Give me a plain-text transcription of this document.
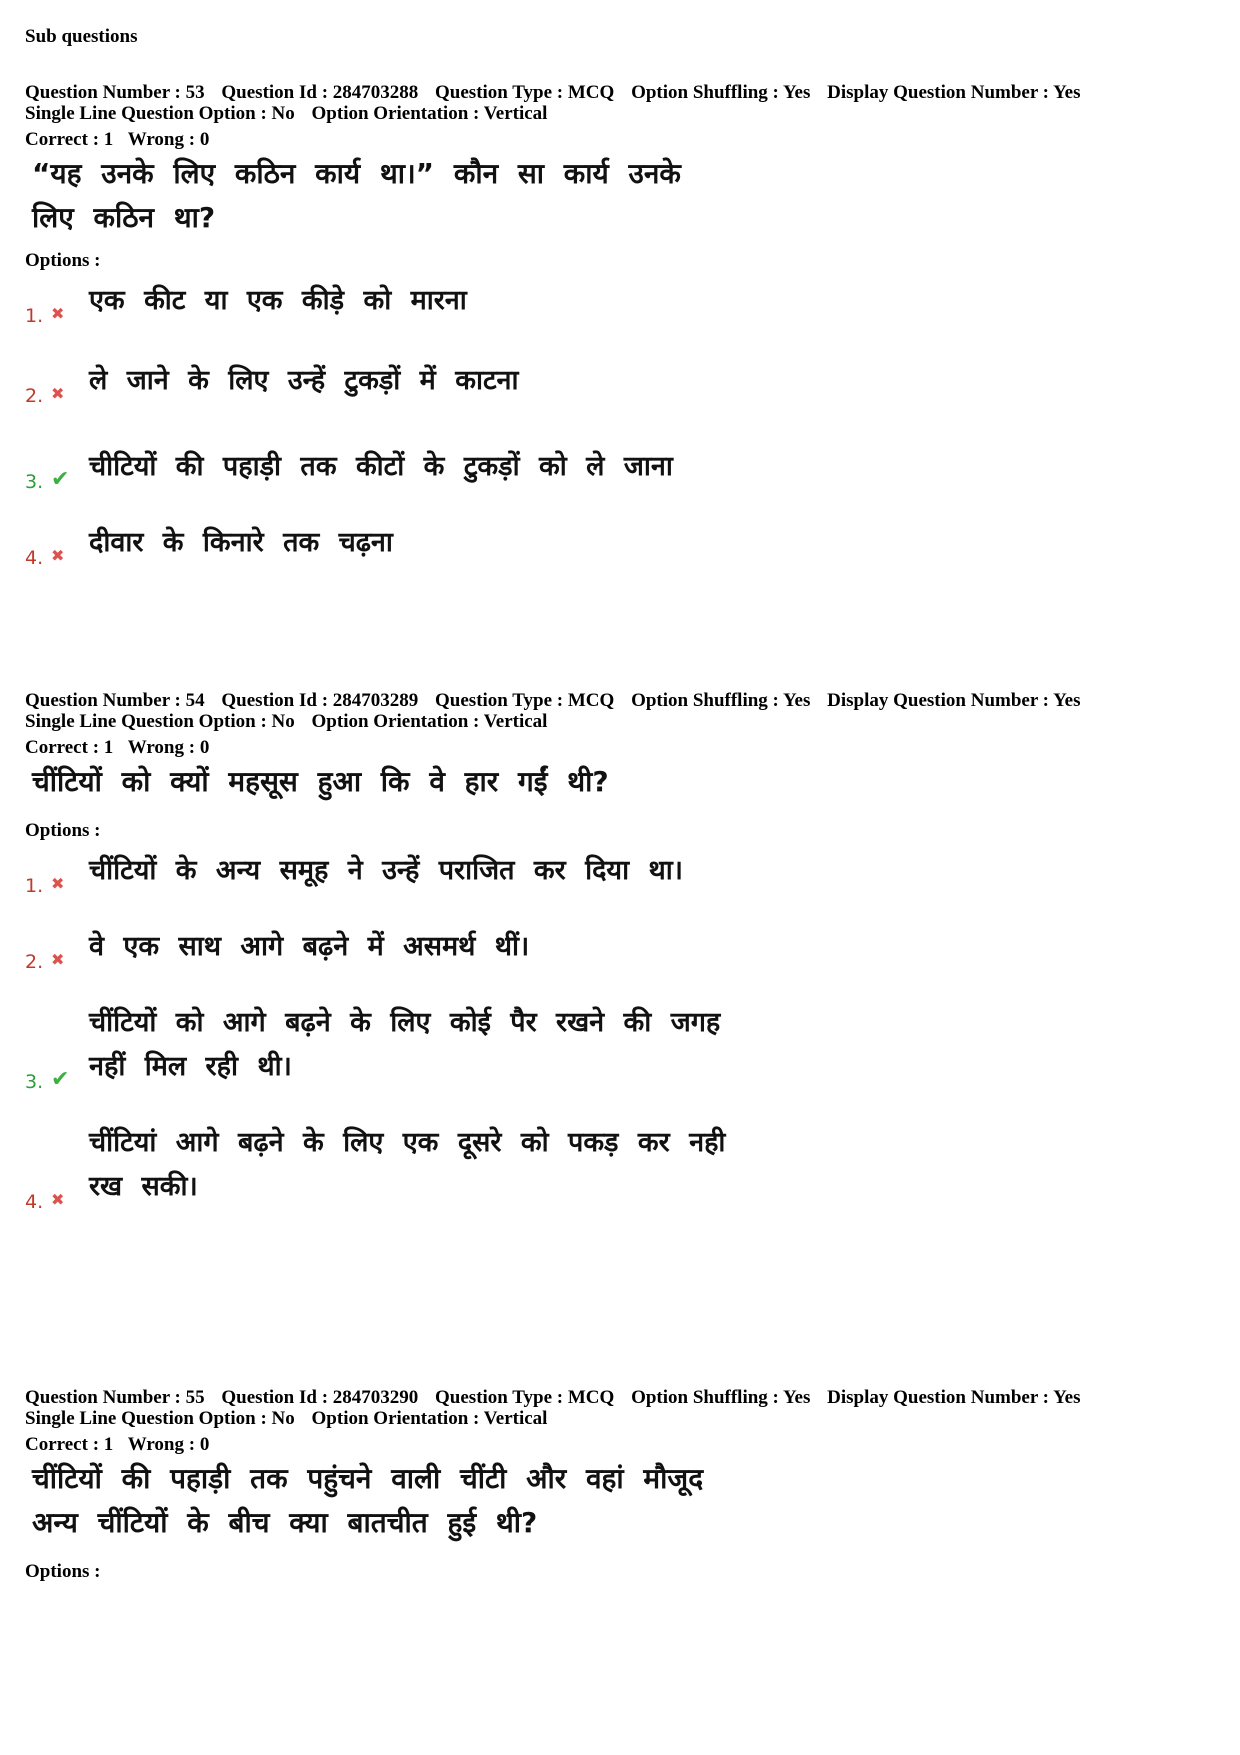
Sub questions
Question Number : 53 Question Id : 284703288 Question Type : MCQ Option Shuffling : Yes Display Question Number : Yes
Single Line Question Option : No Option Orientation : Vertical
Correct : 1 Wrong : 0
“यह उनके लिए कठिन कार्य था।” कौन सा कार्य उनके लिए कठिन था?
Options :
1. ✖ एक कीट या एक कीड़े को मारना
2. ✖ ले जाने के लिए उन्हें टुकड़ों में काटना
3. ✔ चीटियों की पहाड़ी तक कीटों के टुकड़ों को ले जाना
4. ✖ दीवार के किनारे तक चढ़ना
Question Number : 54 Question Id : 284703289 Question Type : MCQ Option Shuffling : Yes Display Question Number : Yes
Single Line Question Option : No Option Orientation : Vertical
Correct : 1 Wrong : 0
चींटियों को क्यों महसूस हुआ कि वे हार गईं थी?
Options :
1. ✖ चींटियों के अन्य समूह ने उन्हें पराजित कर दिया था।
2. ✖ वे एक साथ आगे बढ़ने में असमर्थ थीं।
3. ✔
चींटियों को आगे बढ़ने के लिए कोई पैर रखने की जगह नहीं मिल रही थी।
4. ✖
चींटियां आगे बढ़ने के लिए एक दूसरे को पकड़ कर नही रख सकी।
Question Number : 55 Question Id : 284703290 Question Type : MCQ Option Shuffling : Yes Display Question Number : Yes
Single Line Question Option : No Option Orientation : Vertical
Correct : 1 Wrong : 0
चींटियों की पहाड़ी तक पहुंचने वाली चींटी और वहां मौजूद अन्य चींटियों के बीच क्या बातचीत हुई थी?
Options :
